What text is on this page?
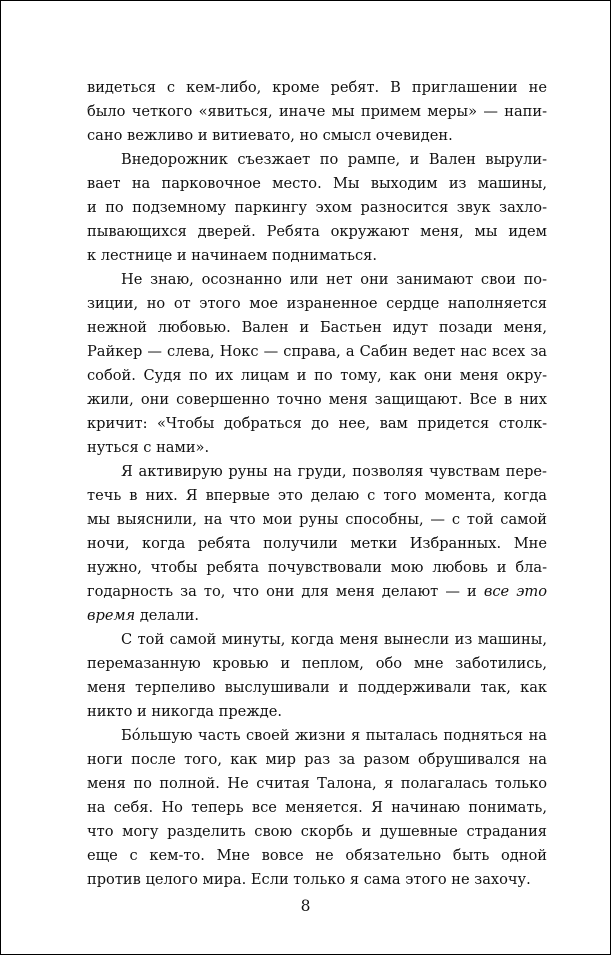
видеться с кем-либо, кроме ребят. В приглашении не
было четкого «явиться, иначе мы примем меры» — напи-
сано вежливо и витиевато, но смысл очевиден.
Внедорожник съезжает по рампе, и Вален вырули-
вает на парковочное место. Мы выходим из машины,
и по подземному паркингу эхом разносится звук захло-
пывающихся дверей. Ребята окружают меня, мы идем
к лестнице и начинаем подниматься.
Не знаю, осознанно или нет они занимают свои по-
зиции, но от этого мое израненное сердце наполняется
нежной любовью. Вален и Бастьен идут позади меня,
Райкер — слева, Нокс — справа, а Сабин ведет нас всех за
собой. Судя по их лицам и по тому, как они меня окру-
жили, они совершенно точно меня защищают. Все в них
кричит: «Чтобы добраться до нее, вам придется столк-
нуться с нами».
Я активирую руны на груди, позволяя чувствам пере-
течь в них. Я впервые это делаю с того момента, когда
мы выяснили, на что мои руны способны, — с той самой
ночи, когда ребята получили метки Избранных. Мне
нужно, чтобы ребята почувствовали мою любовь и бла-
годарность за то, что они для меня делают — и все это
время делали.
С той самой минуты, когда меня вынесли из машины,
перемазанную кровью и пеплом, обо мне заботились,
меня терпеливо выслушивали и поддерживали так, как
никто и никогда прежде.
Бóльшую часть своей жизни я пыталась подняться на
ноги после того, как мир раз за разом обрушивался на
меня по полной. Не считая Талона, я полагалась только
на себя. Но теперь все меняется. Я начинаю понимать,
что могу разделить свою скорбь и душевные страдания
еще с кем-то. Мне вовсе не обязательно быть одной
против целого мира. Если только я сама этого не захочу.
8
